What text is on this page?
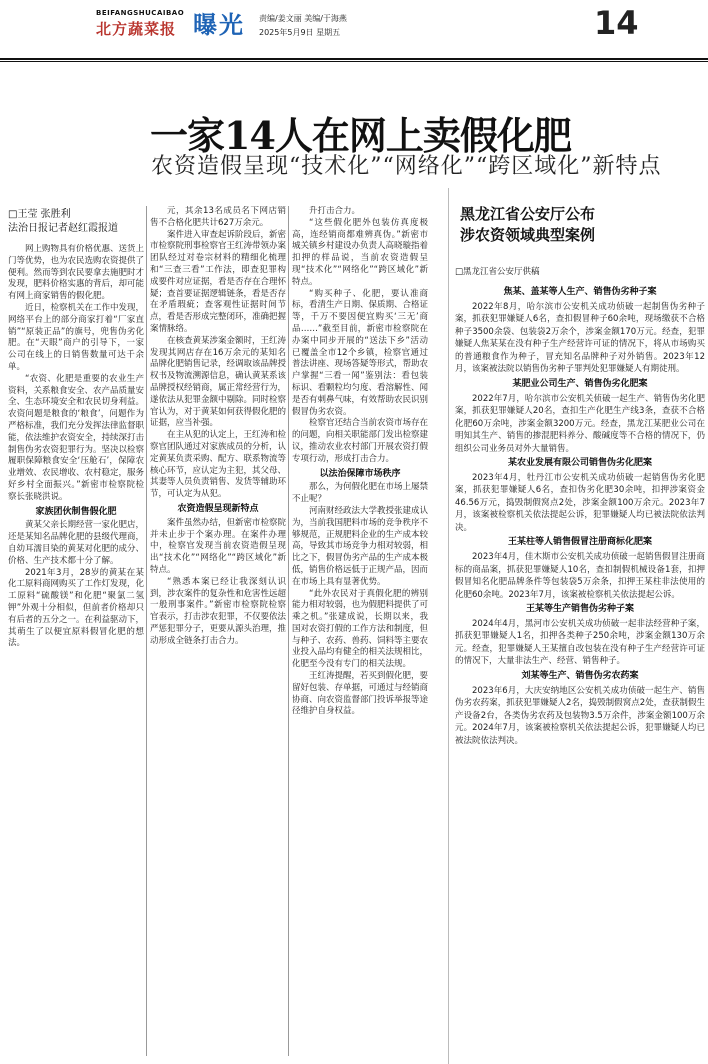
BEIFANGSHUCAIBAO
北方蔬菜报 曝光 责编/姜文丽 美编/于海燕
2025年5月9日 星期五	14
一家14人在网上卖假化肥
农资造假呈现“技术化”“网络化”“跨区域化”新特点
□王莹 张胜利
法治日报记者赵红霞报道

网上购物具有价格优惠、送货上门等优势，也为农民选购农资提供了便利。然而等到农民要拿去施肥时才发现，肥料价格实惠的背后，却可能有网上商家销售的假化肥。

近日，检察机关在工作中发现，网络平台上的部分商家打着“厂家直销”“原装正品”的旗号，兜售伪劣化肥。在“天眼”商户的引导下，一家公司在线上的日销售数量可达千余单。

“农资、化肥是重要的农业生产资料，关系粮食安全、农产品质量安全、生态环境安全和农民切身利益。农资问题是粮食的‘粮食’，问题作为严格标准，我们充分发挥法律监督职能，依法维护农资安全，持续深打击制售伪劣农资犯罪行为。坚决以检察履职保障粮食安全‘压舱石’，保障农业增效、农民增收、农村稳定，服务好乡村全面振兴。”新密市检察院检察长张晓洪说。

家族团伙制售假化肥

黄某父亲长期经营一家化肥店，还是某知名品牌化肥的县级代理商，自幼耳濡目染的黄某对化肥的成分、价格、生产技术都十分了解。

2021年3月，28岁的黄某在某化工原料商网购买了工作灯发现，化工原料“硫酸镁”和化肥“聚氯二氢钾”外观十分相似，但前者价格却只有后者的五分之一。在利益驱动下，其萌生了以便宜原料假冒化肥的想法。

元，其余13名成员名下网店销售不合格化肥共计627万余元。

案件进入审查起诉阶段后，新密市检察院刑事检察官王红涛带领办案团队经过对卷宗材料的精细化梳理和“三查三看”工作法，即查犯罪构成要件对应证据，看是否存在合理怀疑；查首要证据逻辑链条，看是否存在矛盾瑕疵；查客观性证据时间节点，看是否形成完整闭环，准确把握案情脉络。

在核查黄某涉案金额时，王红涛发现其网店存在16万余元的某知名品牌化肥销售记录，经调取该品牌授权书及物流溯源信息，确认黄某系该品牌授权经销商，属正常经营行为，遂依法从犯罪金额中剔除。同时检察官认为，对于黄某如何获得假化肥的证据，应当补强。

在主从犯的认定上，王红涛和检察官团队通过对家族成员的分析，认定黄某负责采购、配方、联系物流等核心环节，应认定为主犯，其父母、其妻等人员负责销售、发货等辅助环节，可认定为从犯。

农资造假呈现新特点

案件虽然办结，但新密市检察院并未止步于个案办理。在案件办理中，检察官发现当前农资造假呈现出“技术化”“网络化”“跨区域化”新特点。

“熟悉本案已经让我深刻认识到，涉农案件的复杂性和危害性远超一般刑事案件。”新密市检察院检察官表示，打击涉农犯罪，不仅要依法严惩犯罪分子，更要从源头治理，推动形成全链条打击合力。

升打击合力。

“这些假化肥外包装仿真度极高，连经销商都难辨真伪。”新密市城关镇乡村建设办负责人高晓璇指着扣押的样品说，当前农资造假呈现“技术化”“网络化”“跨区域化”新特点。

“购买种子、化肥，要认准商标，看清生产日期、保质期、合格证等，千万不要因便宜购买‘三无’商品……”截至目前，新密市检察院在办案中同步开展的“送法下乡”活动已覆盖全市12个乡镇，检察官通过普法讲座、现场答疑等形式，帮助农户掌握“三看一闻”鉴别法：看包装标识、看颗粒均匀度、看溶解性、闻是否有刺鼻气味，有效帮助农民识别假冒伪劣农资。

检察官还结合当前农资市场存在的问题，向相关职能部门发出检察建议，推动农业农村部门开展农资打假专项行动，形成打击合力。

以法治保障市场秩序

那么，为何假化肥在市场上屡禁不止呢？

河南财经政法大学教授张建成认为，当前我国肥料市场的竞争秩序不够规范，正规肥料企业的生产成本较高，导致其市场竞争力相对较弱，相比之下，假冒伪劣产品的生产成本极低，销售价格远低于正规产品，因而在市场上具有显著优势。

“此外农民对于真假化肥的辨别能力相对较弱，也为假肥料提供了可乘之机。”张建成说，长期以来，我国对农资打假的工作方法和制度，但与种子、农药、兽药、饲料等主要农业投入品均有健全的相关法规相比，化肥至今没有专门的相关法规。

王红涛提醒，若买到假化肥，要留好包装、存单据，可通过与经销商协商、向农资监督部门投诉举报等途径维护自身权益。

黑龙江省公安厅公布
涉农资领域典型案例
□黑龙江省公安厅供稿
焦某、盖某等人生产、销售伪劣种子案

2022年8月，哈尔滨市公安机关成功侦破一起制售伪劣种子案，抓获犯罪嫌疑人6名，查扣假冒种子60余吨，现场缴获不合格种子3500余袋、包装袋2万余个，涉案金额170万元。经查，犯罪嫌疑人焦某某在没有种子生产经营许可证的情况下，将从市场购买的普通粮食作为种子，冒充知名品牌种子对外销售。2023年12月，该案被法院以销售伪劣种子罪判处犯罪嫌疑人有期徒刑。

某肥业公司生产、销售伪劣化肥案

2022年7月，哈尔滨市公安机关侦破一起生产、销售伪劣化肥案，抓获犯罪嫌疑人20名，查扣生产化肥生产线3条，查获不合格化肥60万余吨，涉案金额3200万元。经查，黑龙江某肥业公司在明知其生产、销售的掺混肥料养分、酸碱度等不合格的情况下，仍组织公司业务员对外大量销售。

某农业发展有限公司销售伪劣化肥案

2023年4月，牡丹江市公安机关成功侦破一起销售伪劣化肥案，抓获犯罪嫌疑人6名，查扣伪劣化肥30余吨，扣押涉案资金46.56万元，捣毁制假窝点2处，涉案金额100万余元。2023年7月，该案被检察机关依法提起公诉，犯罪嫌疑人均已被法院依法判决。

王某柱等人销售假冒注册商标化肥案

2023年4月，佳木斯市公安机关成功侦破一起销售假冒注册商标的商品案，抓获犯罪嫌疑人10名，查扣制假机械设备1套，扣押假冒知名化肥品牌条件等包装袋5万余条，扣押王某柱非法使用的化肥60余吨。2023年7月，该案被检察机关依法提起公诉。

王某等生产销售伪劣种子案

2024年4月，黑河市公安机关成功侦破一起非法经营种子案，抓获犯罪嫌疑人1名，扣押各类种子250余吨，涉案金额130万余元。经查，犯罪嫌疑人王某擅自改包装在没有种子生产经营许可证的情况下，大量非法生产、经营、销售种子。

刘某等生产、销售伪劣农药案

2023年6月，大庆安纳地区公安机关成功侦破一起生产、销售伪劣农药案，抓获犯罪嫌疑人2名，捣毁制假窝点2处，查获制假生产设备2台，各类伪劣农药及包装物3.5万余件，涉案金额100万余元。2024年7月，该案被检察机关依法提起公诉，犯罪嫌疑人均已被法院依法判决。
